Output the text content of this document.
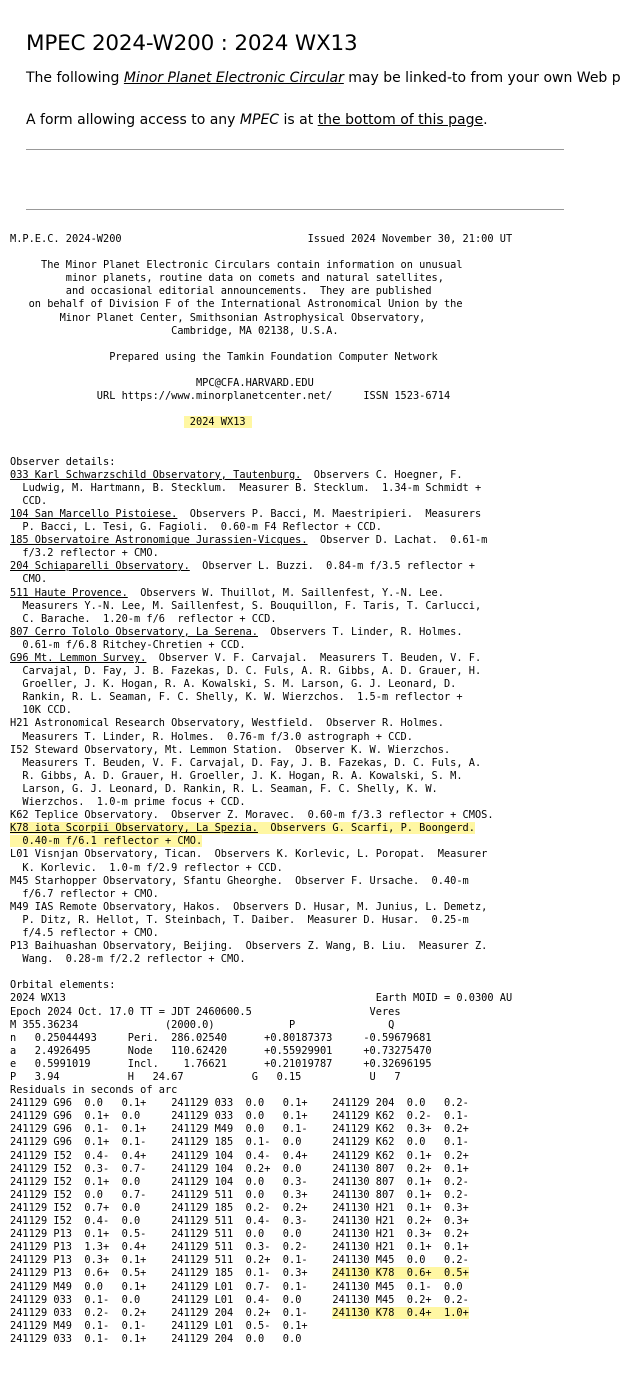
MPEC 2024-W200 : 2024 WX13
The following Minor Planet Electronic Circular may be linked-to from your own Web p
A form allowing access to any MPEC is at the bottom of this page.
M.P.E.C. 2024-W200                              Issued 2024 November 30, 21:00 UT

The Minor Planet Electronic Circulars contain information on unusual
minor planets, routine data on comets and natural satellites,
and occasional editorial announcements.  They are published
on behalf of Division F of the International Astronomical Union by the
Minor Planet Center, Smithsonian Astrophysical Observatory,
Cambridge, MA 02138, U.S.A.

Prepared using the Tamkin Foundation Computer Network

MPC@CFA.HARVARD.EDU
URL https://www.minorplanetcenter.net/     ISSN 1523-6714

2024 WX13

Observer details:
033 Karl Schwarzschild Observatory, Tautenburg.  Observers C. Hoegner, F.
Ludwig, M. Hartmann, B. Stecklum.  Measurer B. Stecklum.  1.34-m Schmidt +
CCD.
104 San Marcello Pistoiese.  Observers P. Bacci, M. Maestripieri.  Measurers
P. Bacci, L. Tesi, G. Fagioli.  0.60-m F4 Reflector + CCD.
185 Observatoire Astronomique Jurassien-Vicques.  Observer D. Lachat.  0.61-m
f/3.2 reflector + CMO.
204 Schiaparelli Observatory.  Observer L. Buzzi.  0.84-m f/3.5 reflector +
CMO.
511 Haute Provence.  Observers W. Thuillot, M. Saillenfest, Y.-N. Lee.
Measurers Y.-N. Lee, M. Saillenfest, S. Bouquillon, F. Taris, T. Carlucci,
C. Barache.  1.20-m f/6  reflector + CCD.
807 Cerro Tololo Observatory, La Serena.  Observers T. Linder, R. Holmes.
0.61-m f/6.8 Ritchey-Chretien + CCD.
G96 Mt. Lemmon Survey.  Observer V. F. Carvajal.  Measurers T. Beuden, V. F.
Carvajal, D. Fay, J. B. Fazekas, D. C. Fuls, A. R. Gibbs, A. D. Grauer, H.
Groeller, J. K. Hogan, R. A. Kowalski, S. M. Larson, G. J. Leonard, D.
Rankin, R. L. Seaman, F. C. Shelly, K. W. Wierzchos.  1.5-m reflector +
10K CCD.
H21 Astronomical Research Observatory, Westfield.  Observer R. Holmes.
Measurers T. Linder, R. Holmes.  0.76-m f/3.0 astrograph + CCD.
I52 Steward Observatory, Mt. Lemmon Station.  Observer K. W. Wierzchos.
Measurers T. Beuden, V. F. Carvajal, D. Fay, J. B. Fazekas, D. C. Fuls, A.
R. Gibbs, A. D. Grauer, H. Groeller, J. K. Hogan, R. A. Kowalski, S. M.
Larson, G. J. Leonard, D. Rankin, R. L. Seaman, F. C. Shelly, K. W.
Wierzchos.  1.0-m prime focus + CCD.
K62 Teplice Observatory.  Observer Z. Moravec.  0.60-m f/3.3 reflector + CMOS.
K78 iota Scorpii Observatory, La Spezia.  Observers G. Scarfi, P. Boongerd.
0.40-m f/6.1 reflector + CMO.
L01 Visnjan Observatory, Tican.  Observers K. Korlevic, L. Poropat.  Measurer
K. Korlevic.  1.0-m f/2.9 reflector + CCD.
M45 Starhopper Observatory, Sfantu Gheorghe.  Observer F. Ursache.  0.40-m
f/6.7 reflector + CMO.
M49 IAS Remote Observatory, Hakos.  Observers D. Husar, M. Junius, L. Demetz,
P. Ditz, R. Hellot, T. Steinbach, T. Daiber.  Measurer D. Husar.  0.25-m
f/4.5 reflector + CMO.
P13 Baihuashan Observatory, Beijing.  Observers Z. Wang, B. Liu.  Measurer Z.
Wang.  0.28-m f/2.2 reflector + CMO.

Orbital elements:
2024 WX13                                                  Earth MOID = 0.0300 AU
Epoch 2024 Oct. 17.0 TT = JDT 2460600.5                   Veres
M 355.36234              (2000.0)            P               Q
n   0.25044493     Peri.  286.02540      +0.80187373     -0.59679681
a   2.4926495      Node   110.62420      +0.55929901     +0.73275470
e   0.5991019      Incl.    1.76621      +0.21019787     +0.32696195
P   3.94           H   24.67           G   0.15           U   7
Residuals in seconds of arc
241129 G96  0.0   0.1+    241129 033  0.0   0.1+    241129 204  0.0   0.2-
241129 G96  0.1+  0.0     241129 033  0.0   0.1+    241129 K62  0.2-  0.1-
241129 G96  0.1-  0.1+    241129 M49  0.0   0.1-    241129 K62  0.3+  0.2+
241129 G96  0.1+  0.1-    241129 185  0.1-  0.0     241129 K62  0.0   0.1-
241129 I52  0.4-  0.4+    241129 104  0.4-  0.4+    241129 K62  0.1+  0.2+
241129 I52  0.3-  0.7-    241129 104  0.2+  0.0     241130 807  0.2+  0.1+
241129 I52  0.1+  0.0     241129 104  0.0   0.3-    241130 807  0.1+  0.2-
241129 I52  0.0   0.7-    241129 511  0.0   0.3+    241130 807  0.1+  0.2-
241129 I52  0.7+  0.0     241129 185  0.2-  0.2+    241130 H21  0.1+  0.3+
241129 I52  0.4-  0.0     241129 511  0.4-  0.3-    241130 H21  0.2+  0.3+
241129 P13  0.1+  0.5-    241129 511  0.0   0.0     241130 H21  0.3+  0.2+
241129 P13  1.3+  0.4+    241129 511  0.3-  0.2-    241130 H21  0.1+  0.1+
241129 P13  0.3+  0.1+    241129 511  0.2+  0.1-    241130 M45  0.0   0.2-
241129 P13  0.6+  0.5+    241129 185  0.1-  0.3+    241130 K78  0.6+  0.5+
241129 M49  0.0   0.1+    241129 L01  0.7-  0.1-    241130 M45  0.1-  0.0
241129 033  0.1-  0.0     241129 L01  0.4-  0.0     241130 M45  0.2+  0.2-
241129 033  0.2-  0.2+    241129 204  0.2+  0.1-    241130 K78  0.4+  1.0+
241129 M49  0.1-  0.1-    241129 L01  0.5-  0.1+
241129 033  0.1-  0.1+    241129 204  0.0   0.0
